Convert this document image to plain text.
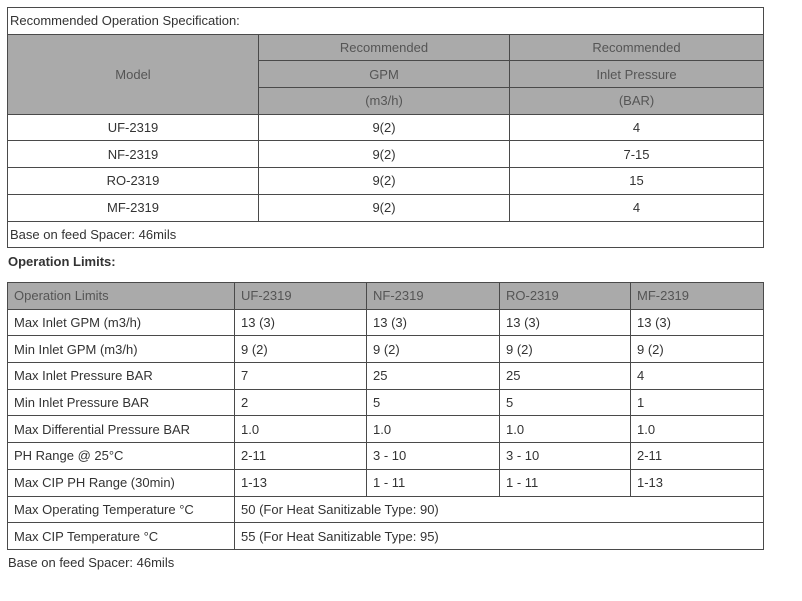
Recommended Operation Specification:		
Model	Recommended	Recommended
	GPM	Inlet Pressure
	(m3/h)	(BAR)
UF-2319	9(2)	4
NF-2319	9(2)	7-15
RO-2319	9(2)	15
MF-2319	9(2)	4
Base on feed Spacer: 46mils		
Operation Limits:
Operation Limits	UF-2319	NF-2319	RO-2319	MF-2319
Max Inlet GPM (m3/h)	13 (3)	13 (3)	13 (3)	13 (3)
Min Inlet GPM (m3/h)	9 (2)	9 (2)	9 (2)	9 (2)
Max Inlet Pressure BAR	7	25	25	4
Min Inlet Pressure BAR	2	5	5	1
Max Differential Pressure BAR	1.0	1.0	1.0	1.0
PH Range @ 25°C	2-11	3 - 10	3 - 10	2-11
Max CIP PH Range (30min)	1-13	1 - 11	1 - 11	1-13
Max Operating Temperature °C	50 (For Heat Sanitizable Type: 90)			
Max CIP Temperature °C	55 (For Heat Sanitizable Type: 95)			
Base on feed Spacer: 46mils
